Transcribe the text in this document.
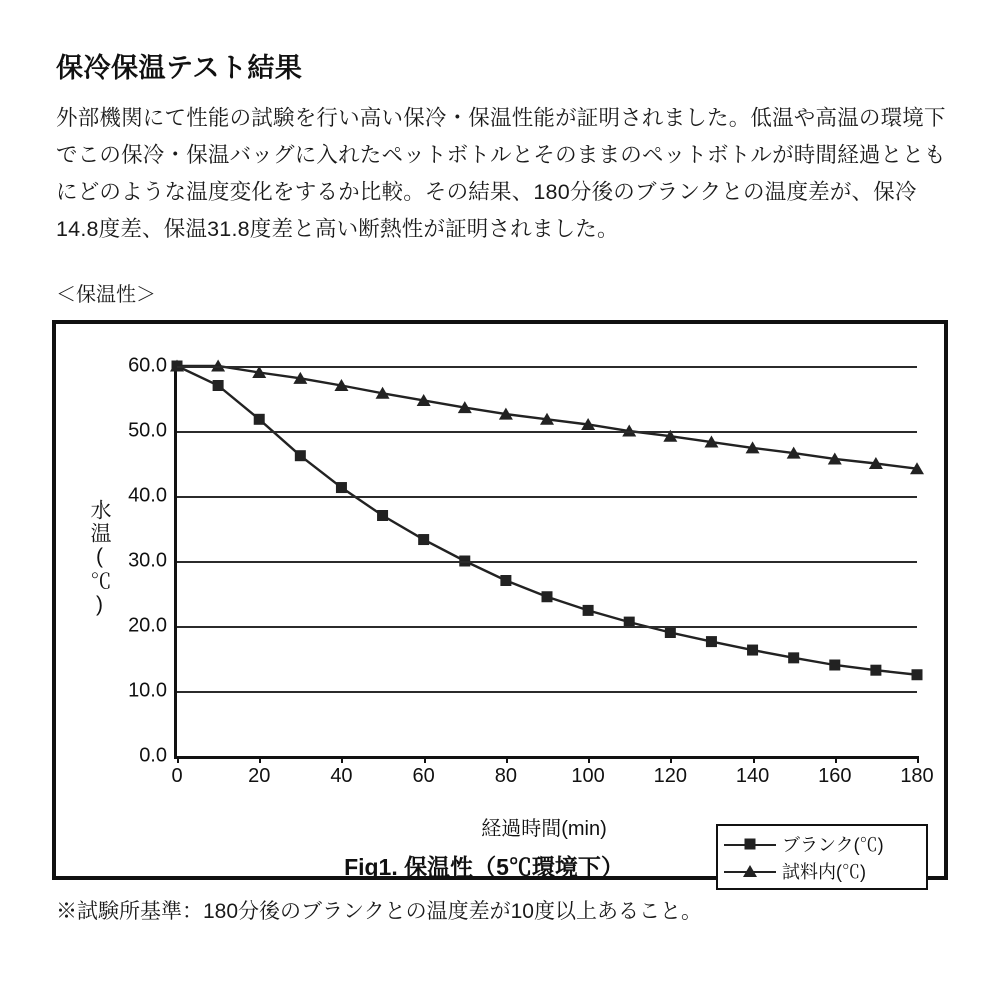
保冷保温テスト結果
外部機関にて性能の試験を行い高い保冷・保温性能が証明されました。低温や高温の環境下でこの保冷・保温バッグに入れたペットボトルとそのままのペットボトルが時間経過とともにどのような温度変化をするか比較。その結果、180分後のブランクとの温度差が、保冷14.8度差、保温31.8度差と高い断熱性が証明されました。
＜保温性＞
水温(℃)
0.0
10.0
20.0
30.0
40.0
50.0
60.0
0	20	40	60	80	100 120 140 160 180
経過時間(min)
Fig1. 保温性（5℃環境下）
ブランク(℃)
試料内(℃)
※試験所基準：180分後のブランクとの温度差が10度以上あること。
